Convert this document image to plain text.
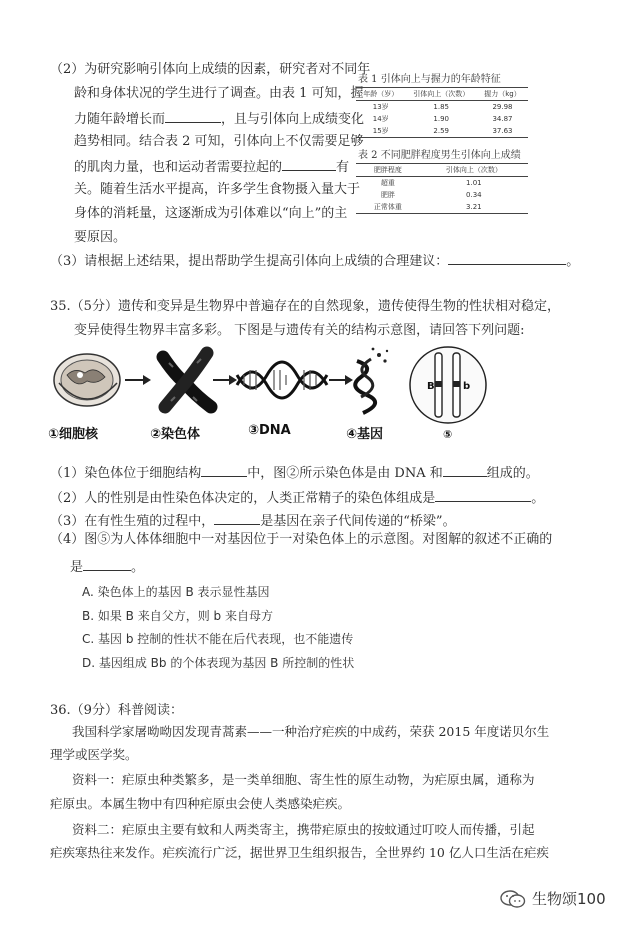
（2）为研究影响引体向上成绩的因素，研究者对不同年
龄和身体状况的学生进行了调查。由表 1 可知，握
力随年龄增长而	，且与引体向上成绩变化
趋势相同。结合表 2 可知，引体向上不仅需要足够
的肌肉力量，也和运动者需要拉起的	有
关。随着生活水平提高，许多学生食物摄入量大于
身体的消耗量，这逐渐成为引体难以“向上”的主
要原因。
表 1 引体向上与握力的年龄特征
年龄（岁）	引体向上（次数）	握力（kg）
13岁	1.85	29.98
14岁	1.90	34.87
15岁	2.59	37.63
表 2 不同肥胖程度男生引体向上成绩
肥胖程度	引体向上（次数）
超重	1.01
肥胖	0.34
正常体重	3.21
（3）请根据上述结果，提出帮助学生提高引体向上成绩的合理建议：	。
35.（5分）遗传和变异是生物界中普遍存在的自然现象，遗传使得生物的性状相对稳定，
变异使得生物界丰富多彩。 下图是与遗传有关的结构示意图，请回答下列问题:
B	b
①细胞核	②染色体	③DNA	④基因	⑤
（1）染色体位于细胞结构	中，图②所示染色体是由 DNA 和	组成的。
（2）人的性别是由性染色体决定的，人类正常精子的染色体组成是	。
（3）在有性生殖的过程中，	是基因在亲子代间传递的“桥梁”。
（4）图⑤为人体体细胞中一对基因位于一对染色体上的示意图。对图解的叙述不正确的
是	。
A. 染色体上的基因 B 表示显性基因
B. 如果 B 来自父方，则 b 来自母方
C. 基因 b 控制的性状不能在后代表现，也不能遗传
D. 基因组成 Bb 的个体表现为基因 B 所控制的性状
36.（9分）科普阅读：
我国科学家屠呦呦因发现青蒿素——一种治疗疟疾的中成药，荣获 2015 年度诺贝尔生
理学或医学奖。
资料一：疟原虫种类繁多，是一类单细胞、寄生性的原生动物，为疟原虫属，通称为
疟原虫。本属生物中有四种疟原虫会使人类感染疟疾。
资料二：疟原虫主要有蚊和人两类寄主，携带疟原虫的按蚊通过叮咬人而传播，引起
疟疾寒热往来发作。疟疾流行广泛，据世界卫生组织报告，全世界约 10 亿人口生活在疟疾
生物颂100
